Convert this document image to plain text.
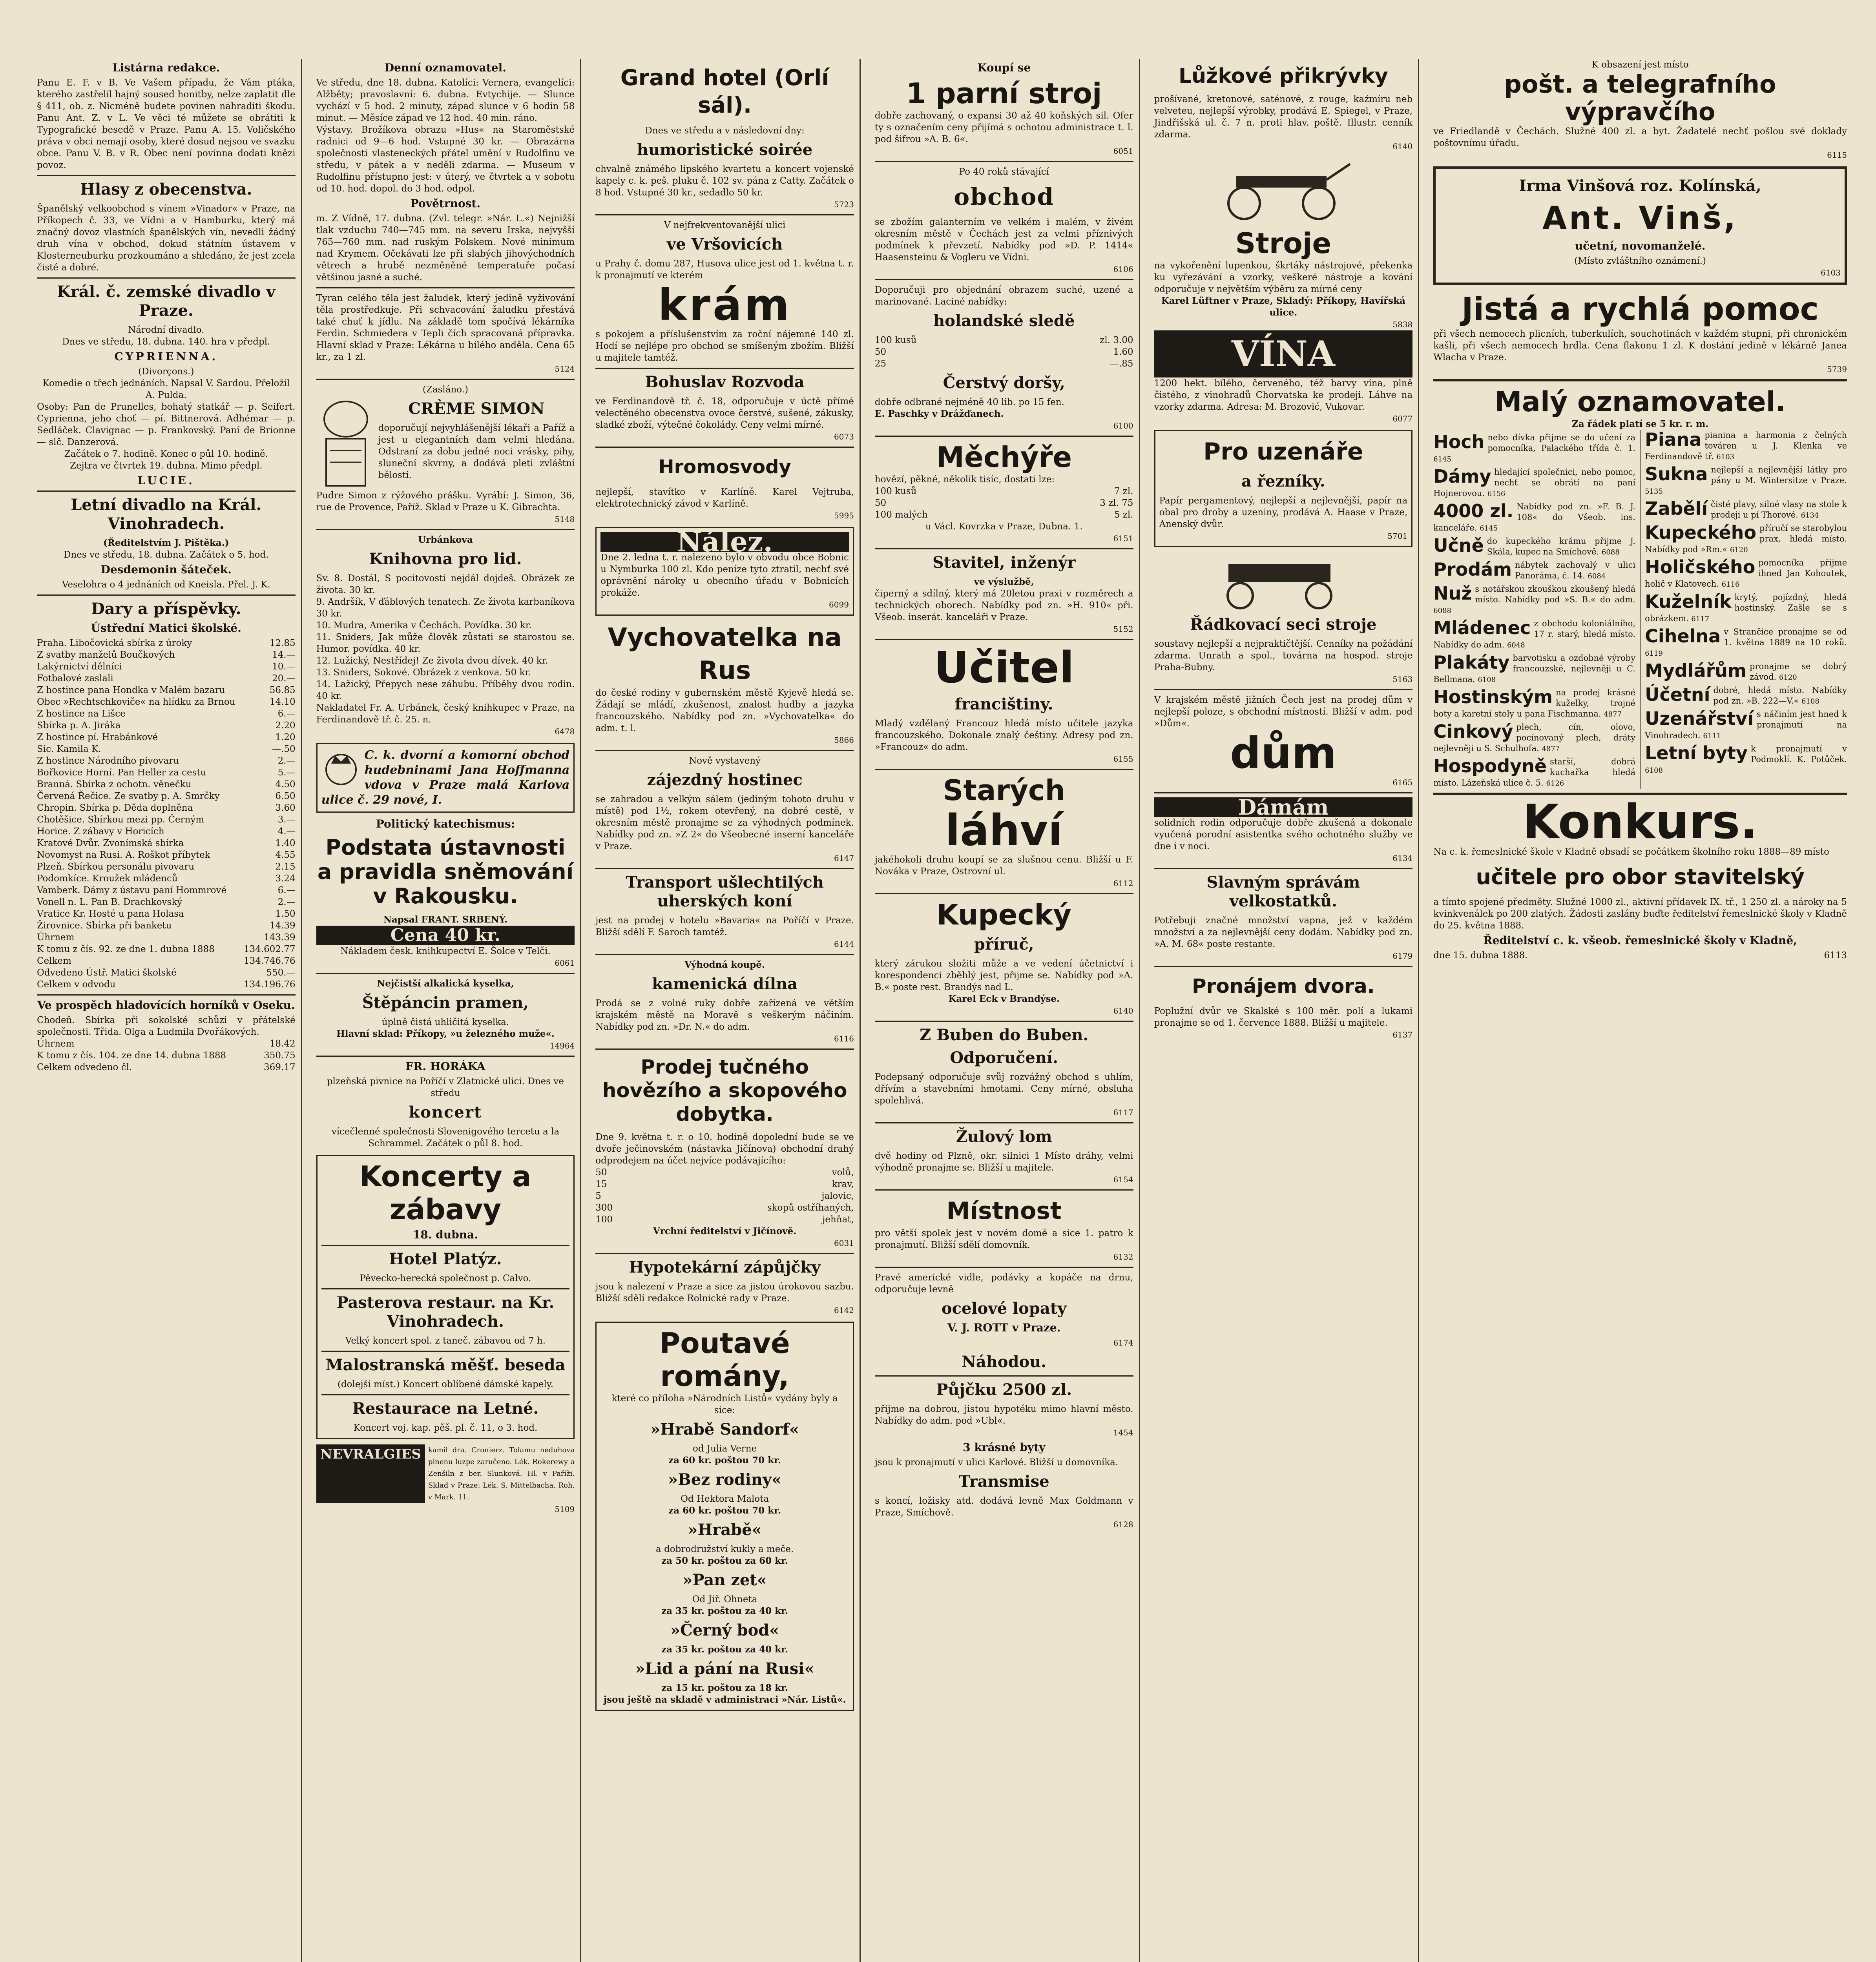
Listárna redakce.
Panu E. F. v B. Ve Vašem případu, že Vám ptáka, kterého zastřelil hajný soused honitby, nelze zaplatit dle § 411, ob. z. Nicméně budete povinen nahraditi škodu. Panu Ant. Z. v L. Ve věci té můžete se obrátiti k Typografické besedě v Praze. Panu A. 15. Voličského práva v obci nemají osoby, které dosud nejsou ve svazku obce. Panu V. B. v R. Obec není povinna dodati knězi povoz.
Hlasy z obecenstva.
Španělský velkoobchod s vínem »Vinador« v Praze, na Příkopech č. 33, ve Vídni a v Hamburku, který má značný dovoz vlastních španělských vín, nevedli žádný druh vína v obchod, dokud státním ústavem v Klosterneuburku prozkoumáno a shledáno, že jest zcela čisté a dobré.
Král. č. zemské divadlo v Praze.
Národní divadlo.
Dnes ve středu, 18. dubna. 140. hra v předpl.
CYPRIENNA.
(Divorçons.)
Komedie o třech jednáních. Napsal V. Sardou. Přeložil A. Pulda.
Osoby: Pan de Prunelles, bohatý statkář — p. Seifert. Cyprienna, jeho choť — pí. Bittnerová. Adhémar — p. Sedláček. Clavignac — p. Frankovský. Paní de Brionne — slč. Danzerová.
Začátek o 7. hodině. Konec o půl 10. hodině.
Zejtra ve čtvrtek 19. dubna. Mimo předpl.
LUCIE.
Letní divadlo na Král. Vinohradech.
(Ředitelstvím J. Pištěka.)
Dnes ve středu, 18. dubna. Začátek o 5. hod.
Desdemonin šáteček.
Veselohra o 4 jednáních od Kneisla. Přel. J. K.
Dary a příspěvky.
Ústřední Matici školské.
Praha. Libočovická sbírka z úroky	12.85
Z svatby manželů Boučkových	14.—
Lakýrnictví dělníci	10.—
Fotbalové zaslali	20.—
Z hostince pana Hondka v Malém bazaru	56.85
Obec »Rechtschkoviče« na hlídku za Brnou	14.10
Z hostince na Lišce	6.—
Sbírka p. A. Jiráka	2.20
Z hostince pí. Hrabánkové	1.20
Sic. Kamila K.	—.50
Z hostince Národního pivovaru	2.—
Bořkovice Horní. Pan Heller za cestu	5.—
Branná. Sbírka z ochotn. věnečku	4.50
Červená Řečice. Ze svatby p. A. Smrčky	6.50
Chropin. Sbírka p. Děda doplněna	3.60
Chotěšice. Sbírkou mezi pp. Černým	3.—
Horice. Z zábavy v Horicích	4.—
Kratové Dvůr. Zvonímská sbírka	1.40
Novomyst na Rusi. A. Roškot příbytek	4.55
Plzeň. Sbírkou personálu pivovaru	2.15
Podomkíce. Kroužek mládenců	3.24
Vamberk. Dámy z ústavu paní Hommrové	6.—
Vonell n. L. Pan B. Drachkovský	2.—
Vratice Kr. Hosté u pana Holasa	1.50
Žirovnice. Sbírka při banketu	14.39
Úhrnem	143.39
K tomu z čís. 92. ze dne 1. dubna 1888	134.602.77
Celkem	134.746.76
Odvedeno Ústř. Matici školské	550.—
Celkem v odvodu	134.196.76
Ve prospěch hladovících horníků v Oseku.
Chodeň. Sbírka při sokolské schůzi v přátelské společnosti. Třida. Olga a Ludmila Dvořákových.
Úhrnem	18.42
K tomu z čís. 104. ze dne 14. dubna 1888	350.75
Celkem odvedeno čl.	369.17
Denní oznamovatel.
Ve středu, dne 18. dubna. Katolíci: Vernera, evangelíci: Alžběty; pravoslavní: 6. dubna. Evtychije. — Slunce vychází v 5 hod. 2 minuty, západ slunce v 6 hodin 58 minut. — Měsíce západ ve 12 hod. 40 min. ráno.
Výstavy. Brožíkova obrazu »Hus« na Staroměstské radnici od 9—6 hod. Vstupné 30 kr. — Obrazárna společnosti vlasteneckých přátel umění v Rudolfinu ve středu, v pátek a v neděli zdarma. — Museum v Rudolfinu přístupno jest: v úterý, ve čtvrtek a v sobotu od 10. hod. dopol. do 3 hod. odpol.
Povětrnost.
m. Z Vídně, 17. dubna. (Zvl. telegr. »Nár. L.«) Nejnižší tlak vzduchu 740—745 mm. na severu Irska, nejvyšší 765—760 mm. nad ruským Polskem. Nové minimum nad Krymem. Očekávati lze při slabých jihovýchodních větrech a hrubě nezměněné temperatuře počasí většinou jasné a suché.
Tyran celého těla jest žaludek, který jedině vyživování těla prostředkuje. Při schvacování žaludku přestává také chuť k jídlu. Na základě tom spočívá lékárníka Ferdin. Schmiedera v Tepli čích spracovaná přípravka. Hlavní sklad v Praze: Lékárna u bílého anděla. Cena 65 kr., za 1 zl.
5124
(Zasláno.)
CRÈME SIMON
doporučují nejvyhlášenější lékaři a Paříž a jest u elegantních dam velmi hledána. Odstraní za dobu jedné noci vrásky, pihy, sluneční skvrny, a dodává pleti zvláštní bělosti.
Pudre Simon z rýžového prášku. Vyrábí: J. Simon, 36, rue de Provence, Paříž. Sklad v Praze u K. Gibrachta.
5148
Urbánkova
Knihovna pro lid.
Sv. 8. Dostál, S pocitovostí nejdál dojdeš. Obrázek ze života. 30 kr.
9. Andršík, V ďáblových tenatech. Ze života karbaníkova 30 kr.
10. Mudra, Amerika v Čechách. Povídka. 30 kr.
11. Sniders, Jak může člověk zůstati se starostou se. Humor. povídka. 40 kr.
12. Lužický, Nestřídej! Ze života dvou dívek. 40 kr.
13. Sniders, Sokové. Obrázek z venkova. 50 kr.
14. Lažický, Přepych nese záhubu. Příběhy dvou rodin. 40 kr.
Nakladatel Fr. A. Urbánek, český knihkupec v Praze, na Ferdinandově tř. č. 25. n.
6478
C. k. dvorní a komorní obchod hudebninami Jana Hoffmanna vdova v Praze malá Karlova ulice č. 29 nové, I.
Politický katechismus:
Podstata ústavnosti a pravidla sněmování v Rakousku.
Napsal FRANT. SRBENÝ.
Cena 40 kr.
Nákladem česk. knihkupectví E. Šolce v Telči.
6061
Nejčistší alkalická kyselka,
Štěpáncin pramen,
úplně čistá uhličitá kyselka.
Hlavní sklad: Příkopy, »u železného muže«.
14964
FR. HORÁKA
plzeňská pivnice na Poříčí v Zlatnické ulici. Dnes ve středu
koncert
vícečlenné společnosti Slovenigového tercetu a la Schrammel. Začátek o půl 8. hod.
Koncerty a zábavy
18. dubna.
Hotel Platýz.
Pěvecko-herecká společnost p. Calvo.
Pasterova restaur. na Kr. Vinohradech.
Velký koncert spol. z taneč. zábavou od 7 h.
Malostranská měšť. beseda
(dolejší míst.) Koncert oblíbené dámské kapely.
Restaurace na Letné.
Koncert voj. kap. pěš. pl. č. 11, o 3. hod.
NEVRALGIES	kamil dra. Cronierz. Tolamu neduhova plnenu luzpe zaručeno. Lék. Rokerewy a Zenšiln z ber. Slunková. Hl. v Paříži. Sklad v Praze: Lék. S. Mittelbacha, Roh, v Mark. 11.
5109
Grand hotel (Orlí sál).
Dnes ve středu a v následovní dny:
humoristické soirée
chvalně známého lipského kvartetu a koncert vojenské kapely c. k. peš. pluku č. 102 sv. pána z Catty. Začátek o 8 hod. Vstupné 30 kr., sedadlo 50 kr.
5723
V nejfrekventovanější ulici
ve Vršovicích
u Prahy č. domu 287, Husova ulice jest od 1. května t. r. k pronajmutí ve kterém
krám
s pokojem a příslušenstvím za roční nájemné 140 zl. Hodí se nejlépe pro obchod se smíšeným zbožím. Bližší u majitele tamtéž.
Bohuslav Rozvoda
ve Ferdinandově tř. č. 18, odporučuje v úctě přímé velectěného obecenstva ovoce čerstvé, sušené, zákusky, sladké zboží, výtečné čokolády. Ceny velmi mírné.
6073
Hromosvody
nejlepší, stavítko v Karlíně. Karel Vejtruba, elektrotechnický závod v Karlíně.
5995
Nález.
Dne 2. ledna t. r. nalezeno bylo v obvodu obce Bobnic u Nymburka 100 zl. Kdo peníze tyto ztratil, nechť své oprávnění nároky u obecního úřadu v Bobnicích prokáže.
6099
Vychovatelka na Rus
do české rodiny v gubernském městě Kyjevě hledá se. Žádají se mládí, zkušenost, znalost hudby a jazyka francouzského. Nabídky pod zn. »Vychovatelka« do adm. t. l.
5866
Nově vystavený
zájezdný hostinec
se zahradou a velkým sálem (jediným tohoto druhu v místě) pod 1½, rokem otevřený, na dobré cestě, v okresním městě pronajme se za výhodných podmínek. Nabídky pod zn. »Z 2« do Všeobecné inserní kanceláře v Praze.
6147
Transport ušlechtilých uherských koní
jest na prodej v hotelu »Bavaria« na Poříčí v Praze. Bližší sdělí F. Saroch tamtéž.
6144
Výhodná koupě.
kamenická dílna
Prodá se z volné ruky dobře zařízená ve větším krajském městě na Moravě s veškerým náčiním. Nabídky pod zn. »Dr. N.« do adm.
6116
Prodej tučného hovězího a skopového dobytka.
Dne 9. května t. r. o 10. hodině dopolední bude se ve dvoře ječinovském (nástavka Jičínova) obchodní drahý odprodejem na účet nejvíce podávajícího:
50	volů,
15	krav,
5	jalovic,
300	skopů ostříhaných,
100	jehňat,
Vrchní ředitelství v Jičínově.
6031
Hypotekární zápůjčky
jsou k nalezení v Praze a sice za jistou úrokovou sazbu. Bližší sdělí redakce Rolnické rady v Praze.
6142
Poutavé romány,
které co příloha »Národních Listů« vydány byly a sice:
»Hrabě Sandorf«
od Julia Verne
za 60 kr. poštou 70 kr.
»Bez rodiny«
Od Hektora Malota
za 60 kr. poštou 70 kr.
»Hrabě«
a dobrodružství kukly a meče.
za 50 kr. poštou za 60 kr.
»Pan zet«
Od Jiř. Ohneta
za 35 kr. poštou za 40 kr.
»Černý bod«
za 35 kr. poštou za 40 kr.
»Lid a pání na Rusi«
za 15 kr. poštou za 18 kr.
jsou ještě na skladě v administraci »Nár. Listů«.
Koupí se
1 parní stroj
dobře zachovaný, o expansi 30 až 40 koňských sil. Ofer ty s označením ceny přijímá s ochotou administrace t. l. pod šifrou »A. B. 6«.
6051
Po 40 roků stávající
obchod
se zbožím galanterním ve velkém i malém, v živém okresním městě v Čechách jest za velmi příznivých podmínek k převzetí. Nabídky pod »D. P. 1414« Haasensteinu & Vogleru ve Vídni.
6106
Doporučuji pro objednání obrazem suché, uzené a marinované. Laciné nabídky:
holandské sledě
100 kusů	zl. 3.00
50	1.60
25	—.85
Čerstvý doršy,
dobře odbrané nejméně 40 lib. po 15 fen.
E. Paschky v Drážďanech.
6100
Měchýře
hovězí, pěkné, několik tisíc, dostati lze:
100 kusů	7 zl.
50	3 zl. 75
100 malých	5 zl.
u Václ. Kovrzka v Praze, Dubna. 1.
6151
Stavitel, inženýr
ve výslužbě,
čiperný a sdílný, který má 20letou praxi v rozměrech a technických oborech. Nabídky pod zn. »H. 910« při. Všeob. inserát. kanceláři v Praze.
5152
Učitel
francištiny.
Mladý vzdělaný Francouz hledá místo učitele jazyka francouzského. Dokonale znalý češtiny. Adresy pod zn. »Francouz« do adm.
6155
Starých
láhví
jakéhokoli druhu koupí se za slušnou cenu. Bližší u F. Nováka v Praze, Ostrovní ul.
6112
Kupecký
příruč,
který zárukou složiti může a ve vedení účetnictví i korespondenci zběhlý jest, přijme se. Nabídky pod »A. B.« poste rest. Brandýs nad L.
Karel Eck v Brandýse.
6140
Z Buben do Buben.
Odporučení.
Podepsaný odporučuje svůj rozvážný obchod s uhlím, dřívím a stavebními hmotami. Ceny mírné, obsluha spolehlivá.
6117
Žulový lom
dvě hodiny od Plzně, okr. silnici 1 Místo dráhy, velmi výhodně pronajme se. Bližší u majitele.
6154
Místnost
pro větší spolek jest v novém domě a sice 1. patro k pronajmutí. Bližší sdělí domovník.
6132
Pravé americké vidle, podávky a kopáče na drnu, odporučuje levně
ocelové lopaty
V. J. ROTT v Praze.
6174
Náhodou.
Půjčku 2500 zl.
přijme na dobrou, jistou hypotéku mimo hlavní město. Nabídky do adm. pod »Ubl«.
1454
3 krásné byty
jsou k pronajmutí v ulici Karlové. Bližší u domovníka.
Transmise
s koncí, ložisky atd. dodává levně Max Goldmann v Praze, Smíchově.
6128
Lůžkové přikrývky
prošívané, kretonové, saténové, z rouge, kaźmíru neb velveteu, nejlepší výrobky, prodává E. Spiegel, v Praze, Jindřišská ul. č. 7 n. proti hlav. poště. Illustr. cenník zdarma.
6140
Stroje
na vykořenění lupenkou, škrtáky nástrojové, překenka ku vyřezávání a vzorky, veškeré nástroje a kování odporučuje v největším výběru za mírné ceny
Karel Lüftner v Praze, Skladý: Příkopy, Havířská ulice.
5838
VÍNA
1200 hekt. bílého, červeného, též barvy vína, plně čistého, z vinohradů Chorvatska ke prodeji. Láhve na vzorky zdarma. Adresa: M. Brozović, Vukovar.
6077
Pro uzenáře
a řezníky.
Papír pergamentový, nejlepší a nejlevnější, papír na obal pro droby a uzeniny, prodává A. Haase v Praze, Anenský dvůr.
5701
Řádkovací seci stroje
soustavy nejlepší a nejpraktičtější. Cenníky na požádání zdarma. Unrath a spol., továrna na hospod. stroje Praha-Bubny.
5163
V krajském městě jižních Čech jest na prodej dům v nejlepší poloze, s obchodní místností. Bližší v adm. pod »Dům«.
dům
6165
Dámám
solidních rodin odporučuje dobře zkušená a dokonale vyučená porodní asistentka svého ochotného služby ve dne i v noci.
6134
Slavným správám velkostatků.
Potřebuji značné množství vapna, jež v každém množství a za nejlevnější ceny dodám. Nabídky pod zn. »A. M. 68« poste restante.
6179
Pronájem dvora.
Poplužní dvůr ve Skalské s 100 měr. polí a lukami pronajme se od 1. července 1888. Bližší u majitele.
6137
K obsazení jest místo
pošt. a telegrafního výpravčího
ve Friedlandě v Čechách. Služné 400 zl. a byt. Žadatelé nechť pošlou své doklady poštovnímu úřadu.
6115
Irma Vinšová roz. Kolínská,
Ant. Vinš,
učetní, novomanželé.
(Místo zvláštního oznámení.)
6103
Jistá a rychlá pomoc
při všech nemocech plicních, tuberkulích, souchotinách v každém stupni, při chronickém kašli, při všech nemocech hrdla. Cena flakonu 1 zl. K dostání jedině v lékárně Janea Wlacha v Praze.
5739
Malý oznamovatel.
Za řádek platí se 5 kr. r. m.
Hoch nebo dívka přijme se do učení za pomocníka, Palackého třída č. 1. 6145
Dámy hledající společnici, nebo pomoc, nechť se obrátí na paní Hojnerovou. 6156
4000 zl. Nabídky pod zn. »F. B. J. 108« do Všeob. ins. kanceláře. 6145
Učně do kupeckého krámu přijme J. Skála, kupec na Smíchově. 6088
Prodám nábytek zachovalý v ulici Panoráma, č. 14. 6084
Nuž s notářskou zkouškou zkoušený hledá místo. Nabídky pod »S. B.« do adm. 6088
Mládenec z obchodu koloniálního, 17 r. starý, hledá místo. Nabídky do adm. 6048
Plakáty barvotisku a ozdobné výroby francouzské, nejlevněji u C. Bellmana. 6108
Hostinským na prodej krásné kuželky, trojné boty a karetní stoly u pana Fischmanna. 4877
Cinkový plech, cín, olovo, pocínovaný plech, dráty nejlevněji u S. Schulhofa. 4877
Hospodyně starší, dobrá kuchařka hledá místo. Lázeňská ulice č. 5. 6126
Piana pianina a harmonia z čelných továren u J. Klenka ve Ferdinandově tř. 6103
Sukna nejlepší a nejlevnější látky pro pány u M. Wintersitze v Praze. 5135
Zabělí čisté plavy, silné vlasy na stole k prodeji u pí Thorové. 6134
Kupeckého příručí se starobylou prax, hledá místo. Nabídky pod »Rm.« 6120
Holičského pomocníka přijme ihned Jan Kohoutek, holič v Klatovech. 6116
Kuželník krytý, pojízdný, hledá hostinský. Zašle se s obrázkem. 6117
Cihelna v Strančice pronajme se od 1. května 1889 na 10 roků. 6119
Mydlářům pronajme se dobrý závod. 6120
Účetní dobré, hledá místo. Nabídky pod zn. »B. 222—V.« 6108
Uzenářství s náčiním jest hned k pronajmutí na Vinohradech. 6111
Letní byty k pronajmutí v Podmoklí. K. Potůček. 6108
Konkurs.
Na c. k. řemeslnické škole v Kladně obsadí se počátkem školního roku 1888—89 místo
učitele pro obor stavitelský
a tímto spojené předměty. Služné 1000 zl., aktivní přídavek IX. tř., 1 250 zl. a nároky na 5 kvinkvenálek po 200 zlatých. Žádosti zaslány buďte ředitelství řemeslnické školy v Kladně do 25. května 1888.
Ředitelství c. k. všeob. řemeslnické školy v Kladně,
dne 15. dubna 1888.	6113
